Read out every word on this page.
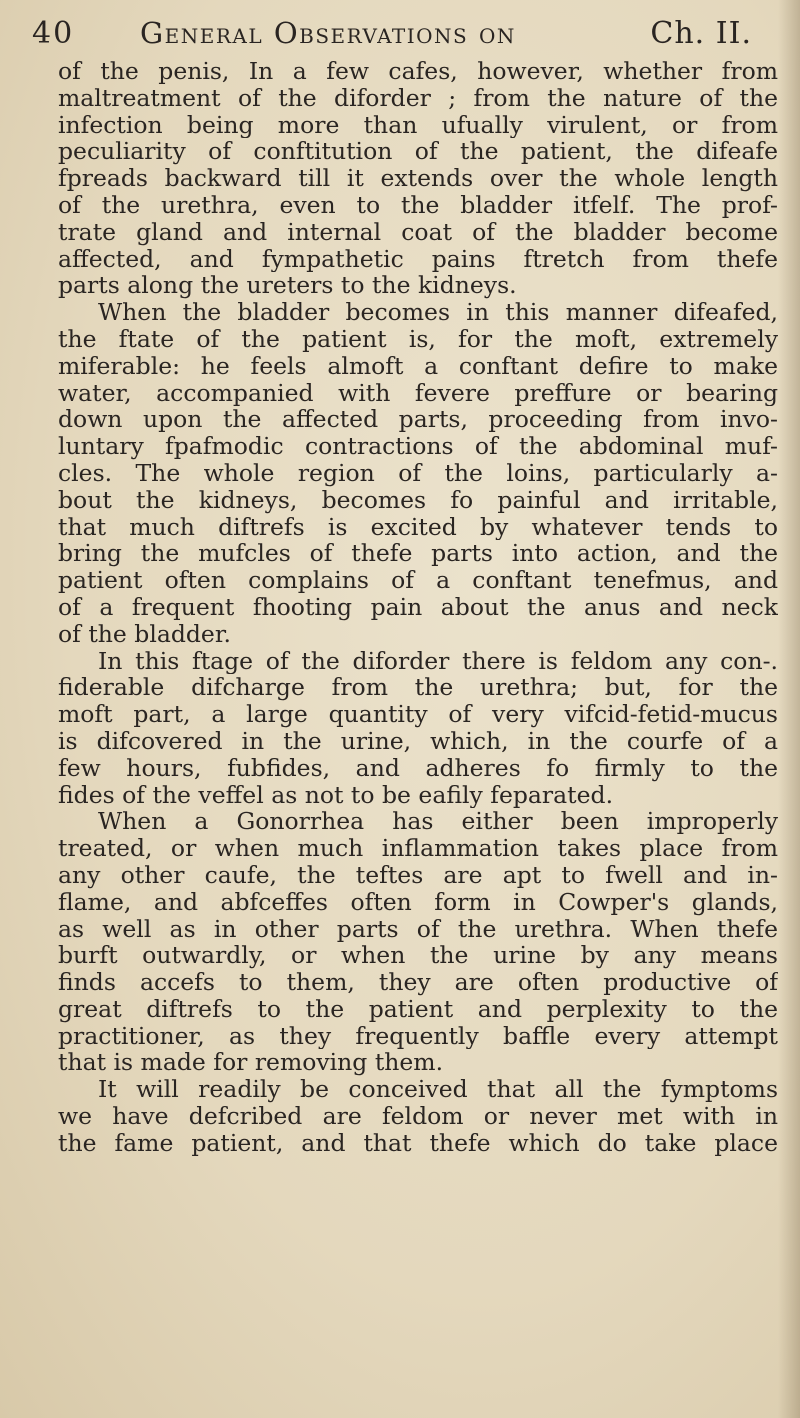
40 General Observations on	Ch. II.
of the penis, In a few cafes, however, whether from
maltreatment of the diforder ; from the nature of the
infection being more than ufually virulent, or from
peculiarity of conftitution of the patient, the difeafe
fpreads backward till it extends over the whole length
of the urethra, even to the bladder itfelf. The prof-
trate gland and internal coat of the bladder become
affected, and fympathetic pains ftretch from thefe
parts along the ureters to the kidneys.
When the bladder becomes in this manner difeafed,
the ftate of the patient is, for the moft, extremely
miferable: he feels almoft a conftant defire to make
water, accompanied with fevere preffure or bearing
down upon the affected parts, proceeding from invo-
luntary fpafmodic contractions of the abdominal muf-
cles. The whole region of the loins, particularly a-
bout the kidneys, becomes fo painful and irritable,
that much diftrefs is excited by whatever tends to
bring the mufcles of thefe parts into action, and the
patient often complains of a conftant tenefmus, and
of a frequent fhooting pain about the anus and neck
of the bladder.
In this ftage of the diforder there is feldom any con-.
fiderable difcharge from the urethra; but, for the
moft part, a large quantity of very vifcid-fetid-mucus
is difcovered in the urine, which, in the courfe of a
few hours, fubfides, and adheres fo firmly to the
fides of the veffel as not to be eafily feparated.
When a Gonorrhea has either been improperly
treated, or when much inflammation takes place from
any other caufe, the teftes are apt to fwell and in-
flame, and abfceffes often form in Cowper's glands,
as well as in other parts of the urethra. When thefe
burft outwardly, or when the urine by any means
finds accefs to them, they are often productive of
great diftrefs to the patient and perplexity to the
practitioner, as they frequently baffle every attempt
that is made for removing them.
It will readily be conceived that all the fymptoms
we have defcribed are feldom or never met with in
the fame patient, and that thefe which do take place
